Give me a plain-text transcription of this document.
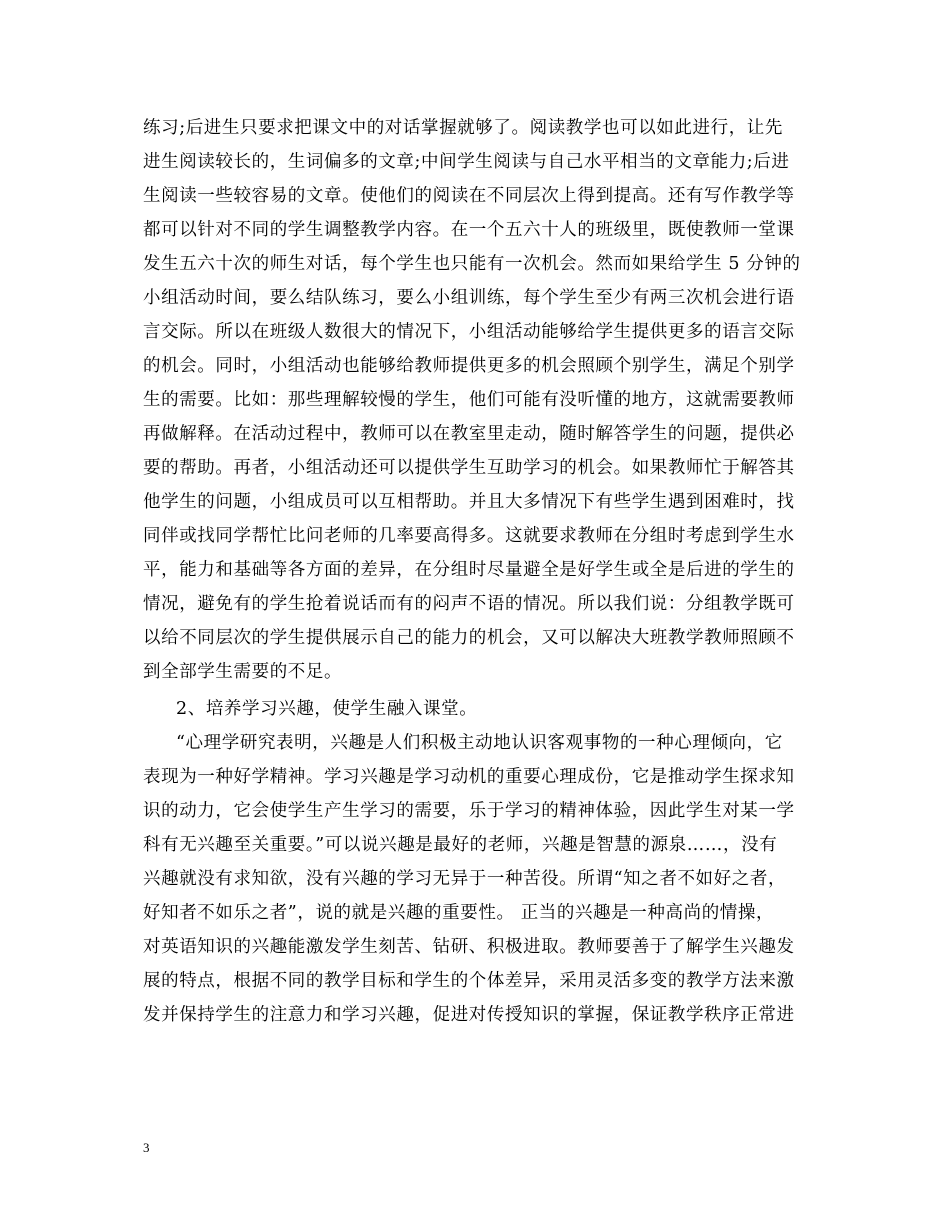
练习;后进生只要求把课文中的对话掌握就够了。阅读教学也可以如此进行，让先
进生阅读较长的，生词偏多的文章;中间学生阅读与自己水平相当的文章能力;后进
生阅读一些较容易的文章。使他们的阅读在不同层次上得到提高。还有写作教学等
都可以针对不同的学生调整教学内容。在一个五六十人的班级里，既使教师一堂课
发生五六十次的师生对话，每个学生也只能有一次机会。然而如果给学生 5 分钟的
小组活动时间，要么结队练习，要么小组训练，每个学生至少有两三次机会进行语
言交际。所以在班级人数很大的情况下，小组活动能够给学生提供更多的语言交际
的机会。同时，小组活动也能够给教师提供更多的机会照顾个别学生，满足个别学
生的需要。比如：那些理解较慢的学生，他们可能有没听懂的地方，这就需要教师
再做解释。在活动过程中，教师可以在教室里走动，随时解答学生的问题，提供必
要的帮助。再者，小组活动还可以提供学生互助学习的机会。如果教师忙于解答其
他学生的问题，小组成员可以互相帮助。并且大多情况下有些学生遇到困难时，找
同伴或找同学帮忙比问老师的几率要高得多。这就要求教师在分组时考虑到学生水
平，能力和基础等各方面的差异，在分组时尽量避全是好学生或全是后进的学生的
情况，避免有的学生抢着说话而有的闷声不语的情况。所以我们说：分组教学既可
以给不同层次的学生提供展示自己的能力的机会，又可以解决大班教学教师照顾不
到全部学生需要的不足。
2、培养学习兴趣，使学生融入课堂。
“心理学研究表明，兴趣是人们积极主动地认识客观事物的一种心理倾向，它
表现为一种好学精神。学习兴趣是学习动机的重要心理成份，它是推动学生探求知
识的动力，它会使学生产生学习的需要，乐于学习的精神体验，因此学生对某一学
科有无兴趣至关重要。”可以说兴趣是最好的老师，兴趣是智慧的源泉……，没有
兴趣就没有求知欲，没有兴趣的学习无异于一种苦役。所谓“知之者不如好之者，
好知者不如乐之者”，说的就是兴趣的重要性。 正当的兴趣是一种高尚的情操，
对英语知识的兴趣能激发学生刻苦、钻研、积极进取。教师要善于了解学生兴趣发
展的特点，根据不同的教学目标和学生的个体差异，采用灵活多变的教学方法来激
发并保持学生的注意力和学习兴趣，促进对传授知识的掌握，保证教学秩序正常进
3
